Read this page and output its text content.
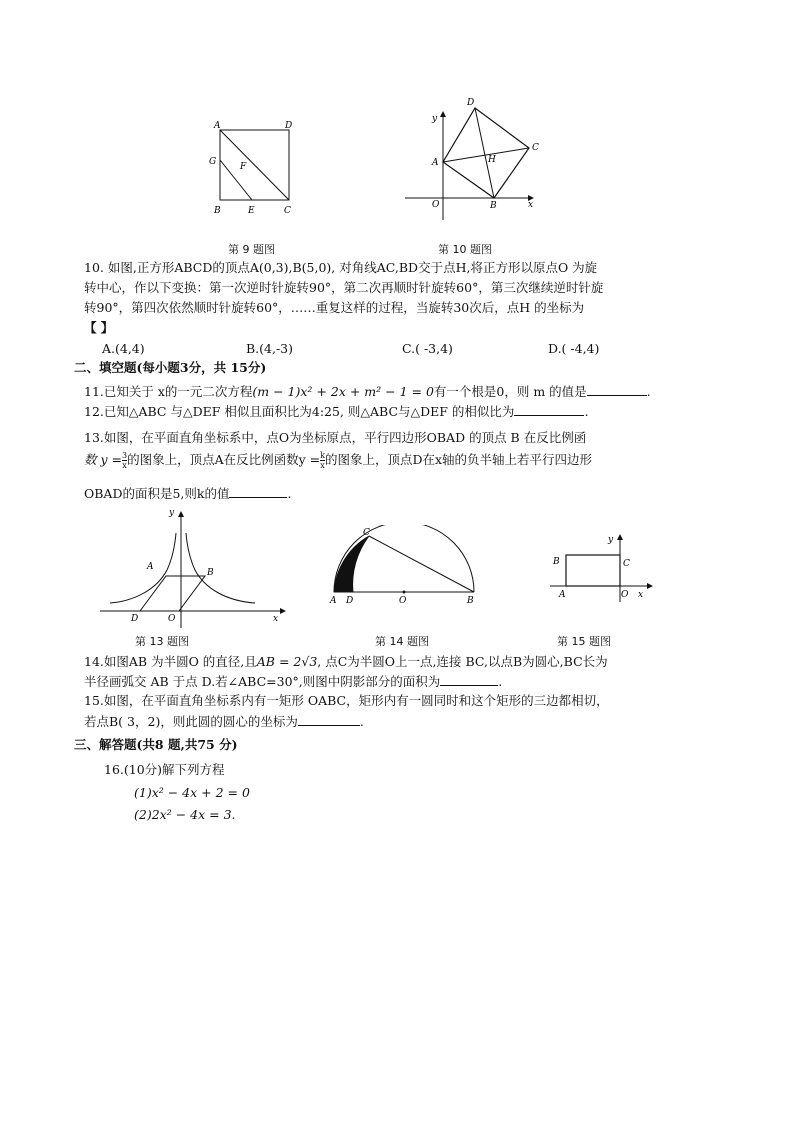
A	D
G	F
B	E	C
第 9 题图
D
y
A	H
C
O	B	x
第 10 题图
10. 如图,正方形ABCD的顶点A(0,3),B(5,0), 对角线AC,BD交于点H,将正方形以原点O 为旋
转中心，作以下变换：第一次逆时针旋转90°，第二次再顺时针旋转60°，第三次继续逆时针旋
转90°，第四次依然顺时针旋转60°，……重复这样的过程，当旋转30次后，点H 的坐标为
【 】
A.(4,4)	B.(4,-3)	C.( -3,4)	D.( -4,4)
二、填空题(每小题3分，共 15分)
11.已知关于 x的一元二次方程(m − 1)x² + 2x + m² − 1 = 0有一个根是0，则 m 的值是	.
12.已知△ABC 与△DEF 相似且面积比为4:25, 则△ABC与△DEF 的相似比为	.
13.如图，在平面直角坐标系中，点O为坐标原点，平行四边形OBAD 的顶点 B 在反比例函
数 $y = \frac{3}{x}$ 的图象上，顶点A在反比例函数$y = \frac{k}{x}$ 的图象上，顶点D在x轴的负半轴上若平行四边形
OBAD的面积是5,则k的值	.
y
A
B
D	O	x
第 13 题图
C
A D	O	B
第 14 题图
y
B	C
A	O x
第 15 题图
14.如图AB 为半圆O 的直径,且AB = 2√3, 点C为半圆O上一点,连接 BC,以点B为圆心,BC长为
半径画弧交 AB 于点 D.若∠ABC=30°,则图中阴影部分的面积为	.
15.如图，在平面直角坐标系内有一矩形 OABC，矩形内有一圆同时和这个矩形的三边都相切，
若点B( 3，2)，则此圆的圆心的坐标为	.
三、解答题(共8 题,共75 分)
16.(10分)解下列方程
(1)x² − 4x + 2 = 0
(2)2x² − 4x = 3.
